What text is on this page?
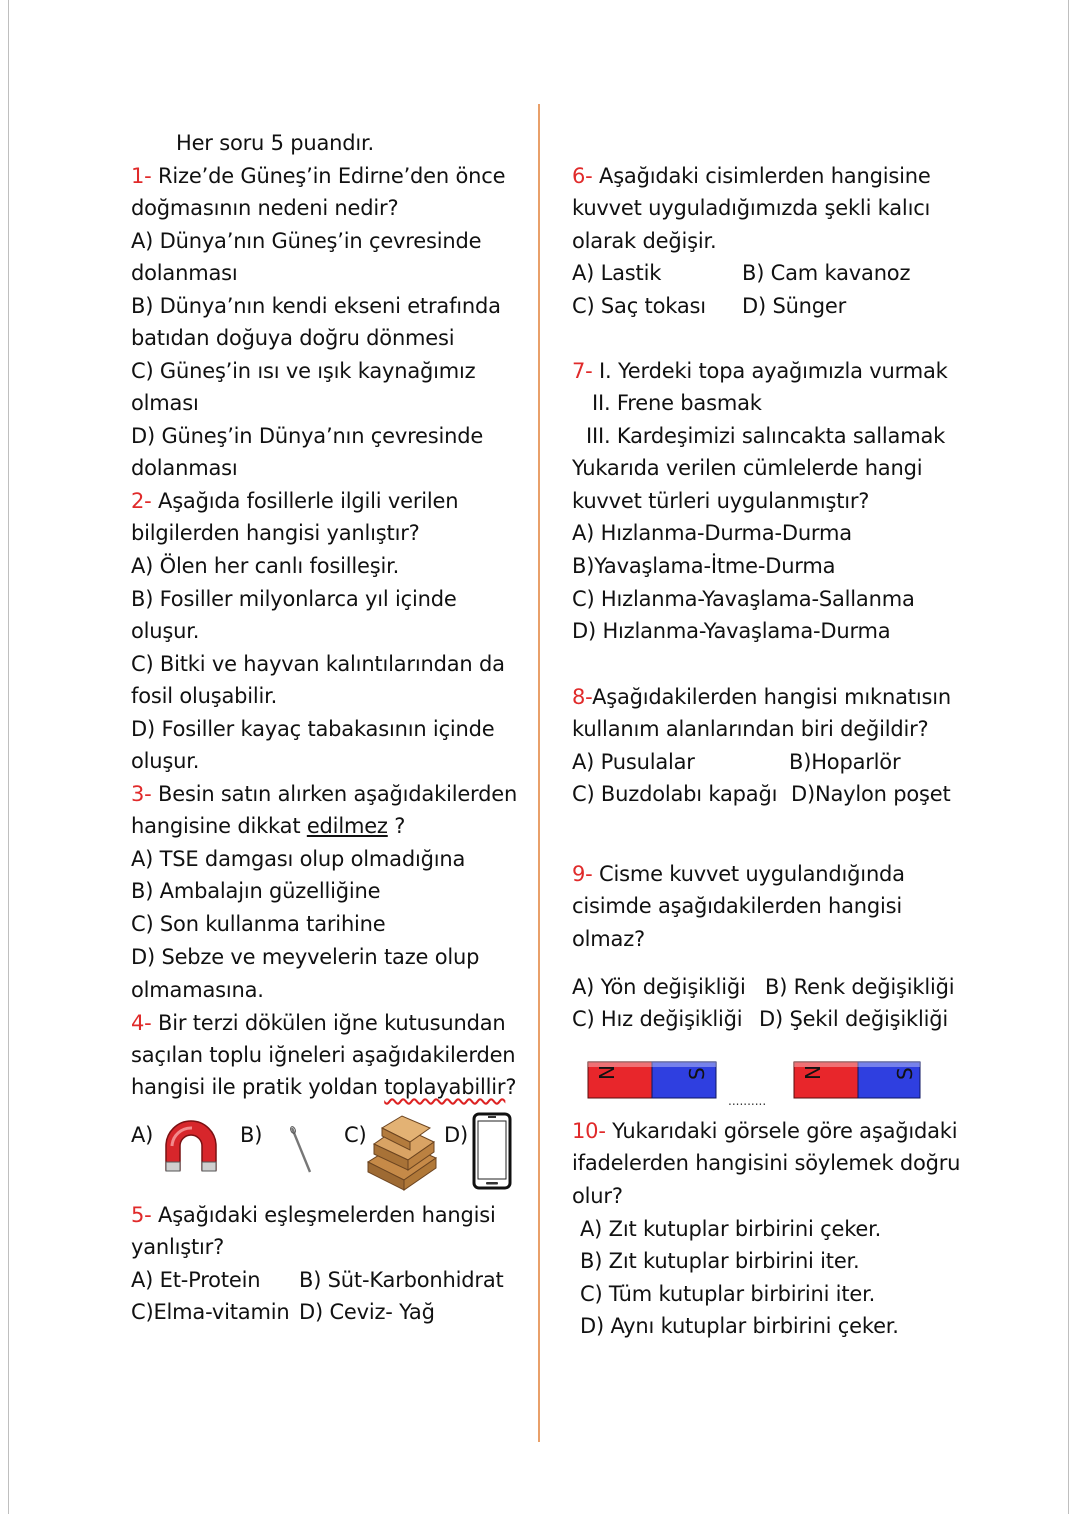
Her soru 5 puandır.
1- Rize’de Güneş’in Edirne’den önce
doğmasının nedeni nedir?
A) Dünya’nın Güneş’in çevresinde
dolanması
B) Dünya’nın kendi ekseni etrafında
batıdan doğuya doğru dönmesi
C) Güneş’in ısı ve ışık kaynağımız
olması
D) Güneş’in Dünya’nın çevresinde
dolanması
2- Aşağıda fosillerle ilgili verilen
bilgilerden hangisi yanlıştır?
A) Ölen her canlı fosilleşir.
B) Fosiller milyonlarca yıl içinde
oluşur.
C) Bitki ve hayvan kalıntılarından da
fosil oluşabilir.
D) Fosiller kayaç tabakasının içinde
oluşur.
3- Besin satın alırken aşağıdakilerden
hangisine dikkat edilmez ?
A) TSE damgası olup olmadığına
B) Ambalajın güzelliğine
C) Son kullanma tarihine
D) Sebze ve meyvelerin taze olup
olmamasına.
4- Bir terzi dökülen iğne kutusundan
saçılan toplu iğneleri aşağıdakilerden
hangisi ile pratik yoldan toplayabillir?
A)	B)	C)	D)
5- Aşağıdaki eşleşmelerden hangisi
yanlıştır?
A) Et-Protein B) Süt-Karbonhidrat
C)Elma-vitamin D) Ceviz- Yağ
6- Aşağıdaki cisimlerden hangisine
kuvvet uyguladığımızda şekli kalıcı
olarak değişir.
A) Lastik	B) Cam kavanoz
C) Saç tokası D) Sünger
7- I. Yerdeki topa ayağımızla vurmak
II. Frene basmak
III. Kardeşimizi salıncakta sallamak
Yukarıda verilen cümlelerde hangi
kuvvet türleri uygulanmıştır?
A) Hızlanma-Durma-Durma
B)Yavaşlama-İtme-Durma
C) Hızlanma-Yavaşlama-Sallanma
D) Hızlanma-Yavaşlama-Durma
8-Aşağıdakilerden hangisi mıknatısın
kullanım alanlarından biri değildir?
A) Pusulalar	B)Hoparlör
C) Buzdolabı kapağı D)Naylon poşet
9- Cisme kuvvet uygulandığında
cisimde aşağıdakilerden hangisi
olmaz?
A) Yön değişikliği B) Renk değişikliği
C) Hız değişikliği D) Şekil değişikliği
N	S
..........
N	S
10- Yukarıdaki görsele göre aşağıdaki
ifadelerden hangisini söylemek doğru
olur?
A) Zıt kutuplar birbirini çeker.
B) Zıt kutuplar birbirini iter.
C) Tüm kutuplar birbirini iter.
D) Aynı kutuplar birbirini çeker.
